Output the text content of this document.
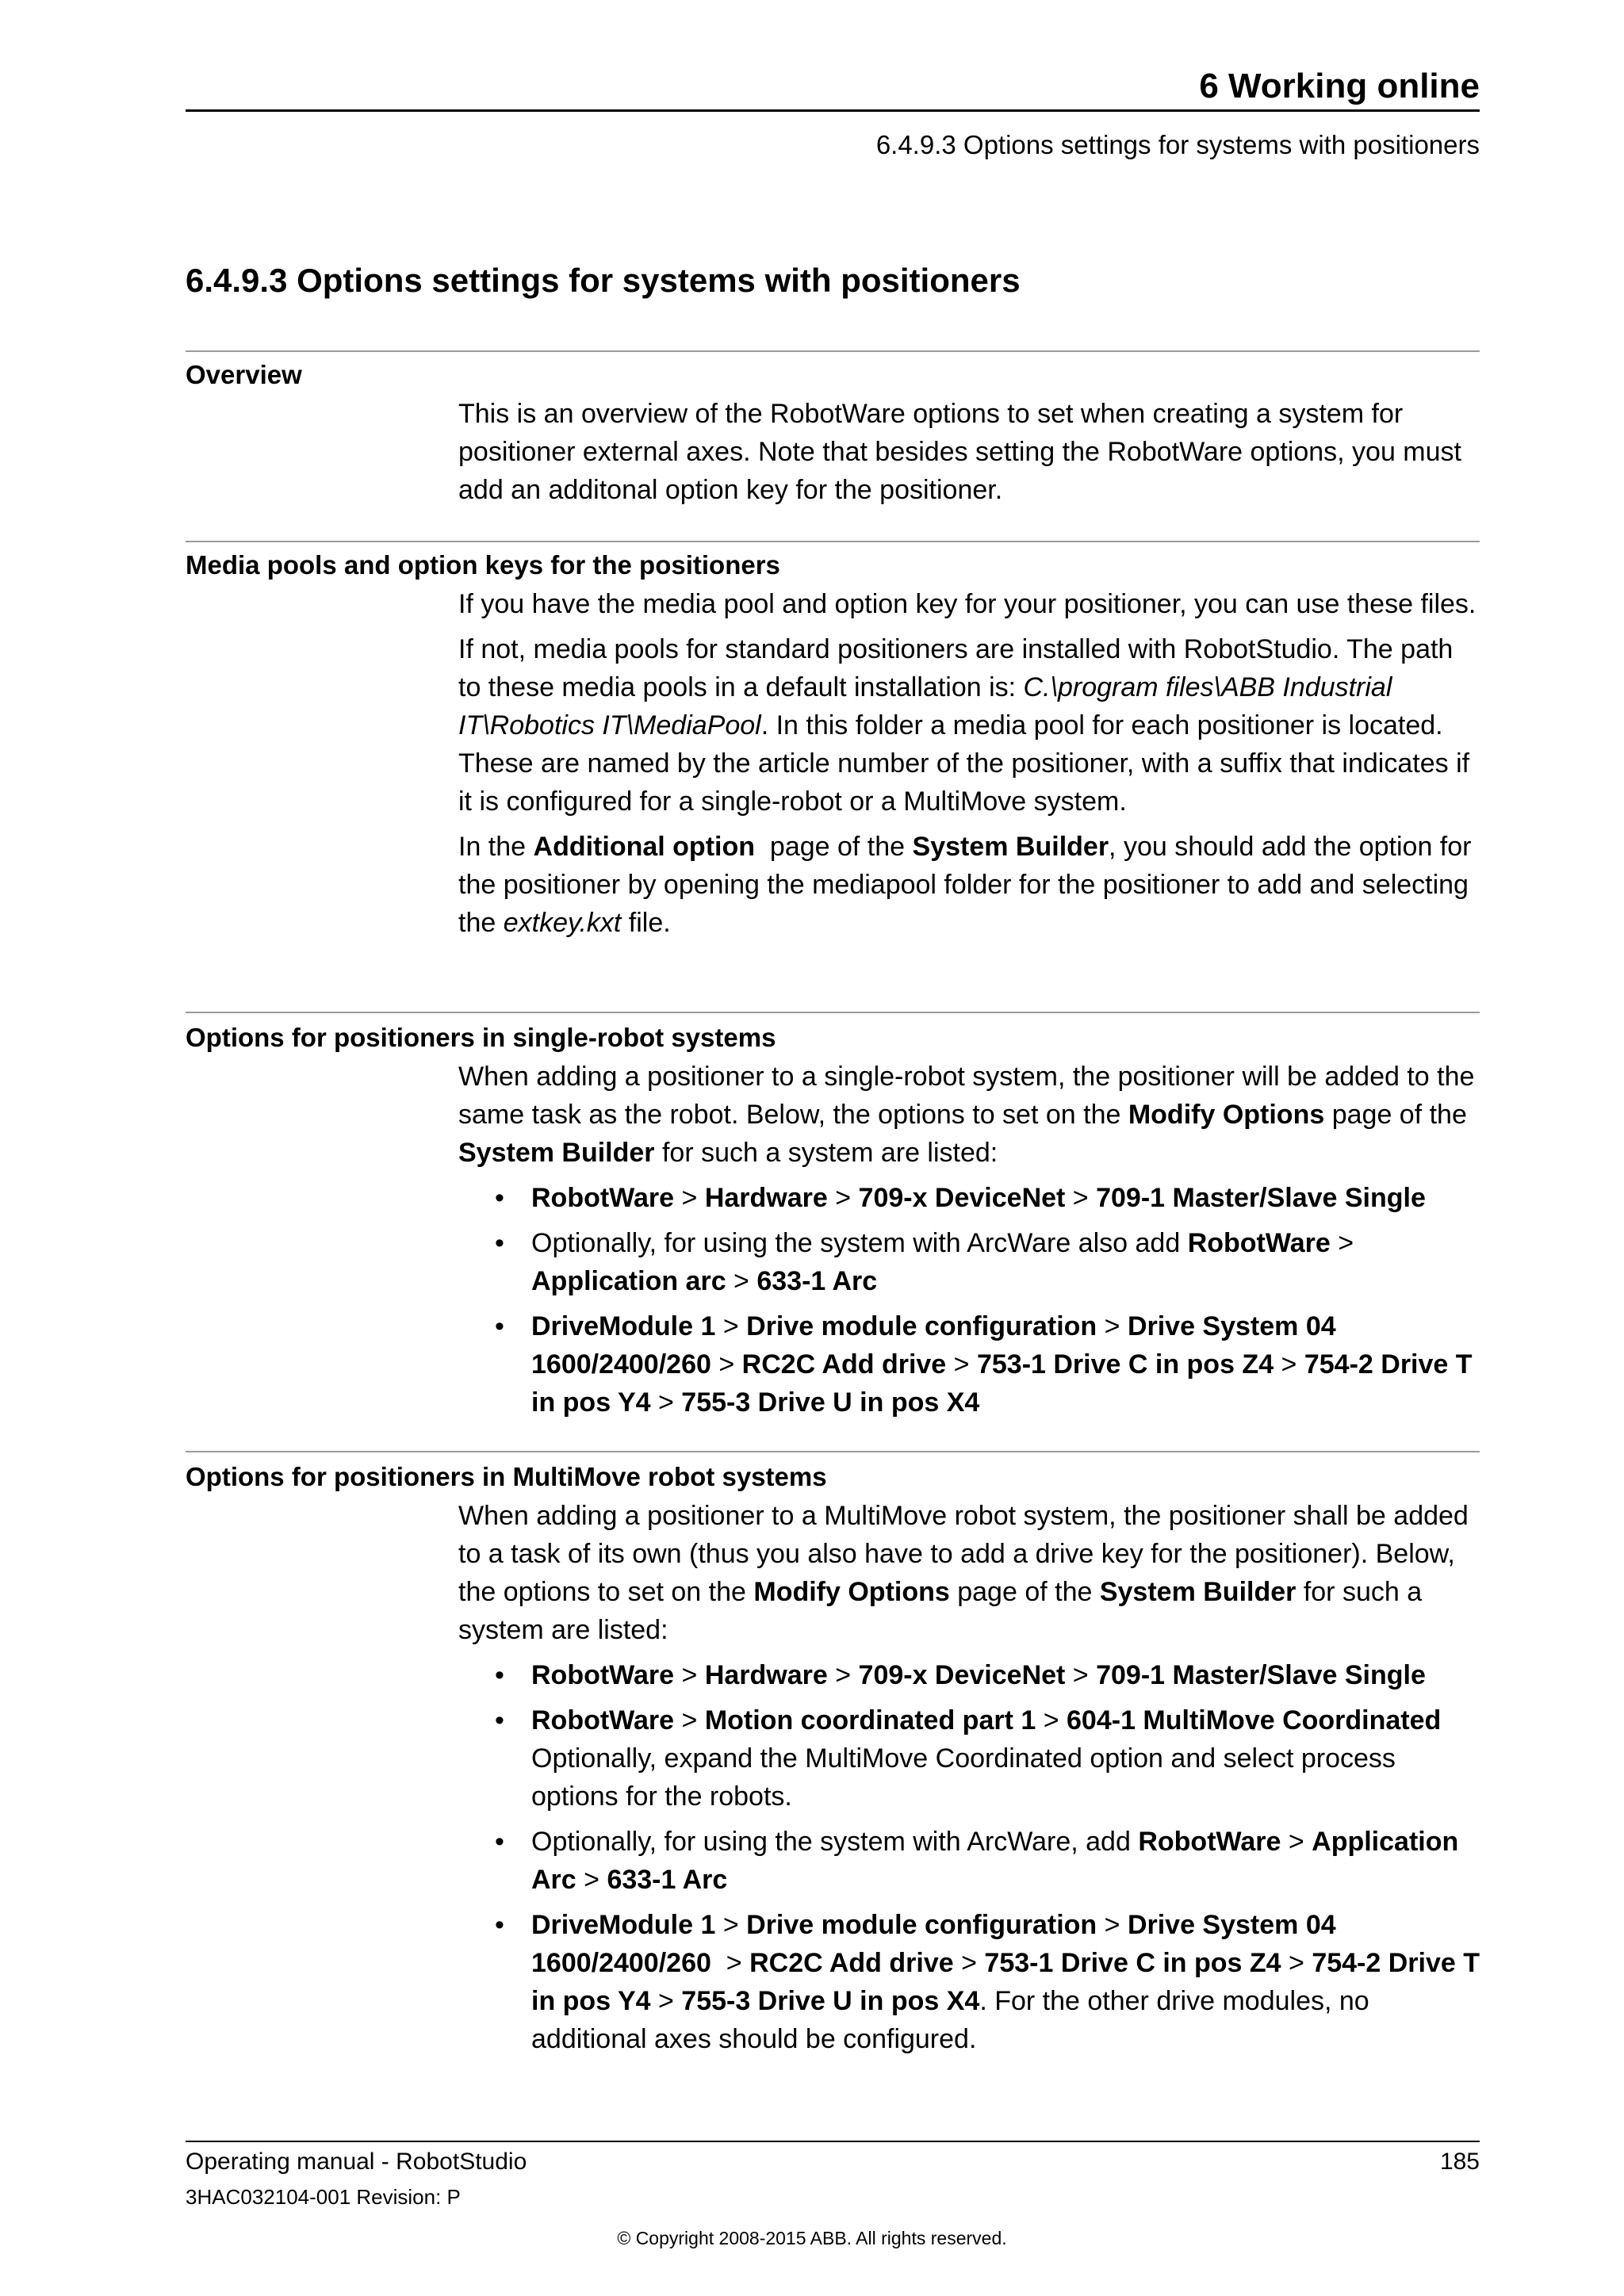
6 Working online
6.4.9.3 Options settings for systems with positioners
6.4.9.3 Options settings for systems with positioners
Overview

This is an overview of the RobotWare options to set when creating a system for positioner external axes. Note that besides setting the RobotWare options, you must add an additonal option key for the positioner.

Media pools and option keys for the positioners

If you have the media pool and option key for your positioner, you can use these files.

If not, media pools for standard positioners are installed with RobotStudio. The path to these media pools in a default installation is: C.\program files\ABB Industrial IT\Robotics IT\MediaPool. In this folder a media pool for each positioner is located. These are named by the article number of the positioner, with a suffix that indicates if it is configured for a single-robot or a MultiMove system.

In the Additional option  page of the System Builder, you should add the option for the positioner by opening the mediapool folder for the positioner to add and selecting the extkey.kxt file.

Options for positioners in single-robot systems

When adding a positioner to a single-robot system, the positioner will be added to the same task as the robot. Below, the options to set on the Modify Options page of the System Builder for such a system are listed:

• RobotWare > Hardware > 709-x DeviceNet > 709-1 Master/Slave Single
• Optionally, for using the system with ArcWare also add RobotWare > Application arc > 633-1 Arc
• DriveModule 1 > Drive module configuration > Drive System 04 1600/2400/260 > RC2C Add drive > 753-1 Drive C in pos Z4 > 754-2 Drive T in pos Y4 > 755-3 Drive U in pos X4
Options for positioners in MultiMove robot systems

When adding a positioner to a MultiMove robot system, the positioner shall be added to a task of its own (thus you also have to add a drive key for the positioner). Below, the options to set on the Modify Options page of the System Builder for such a system are listed:

• RobotWare > Hardware > 709-x DeviceNet > 709-1 Master/Slave Single
• RobotWare > Motion coordinated part 1 > 604-1 MultiMove Coordinated
Optionally, expand the MultiMove Coordinated option and select process options for the robots.
• Optionally, for using the system with ArcWare, add RobotWare > Application Arc > 633-1 Arc
• DriveModule 1 > Drive module configuration > Drive System 04 1600/2400/260  > RC2C Add drive > 753-1 Drive C in pos Z4 > 754-2 Drive T in pos Y4 > 755-3 Drive U in pos X4. For the other drive modules, no additional axes should be configured.
Operating manual - RobotStudio	185
3HAC032104-001 Revision: P
© Copyright 2008-2015 ABB. All rights reserved.
